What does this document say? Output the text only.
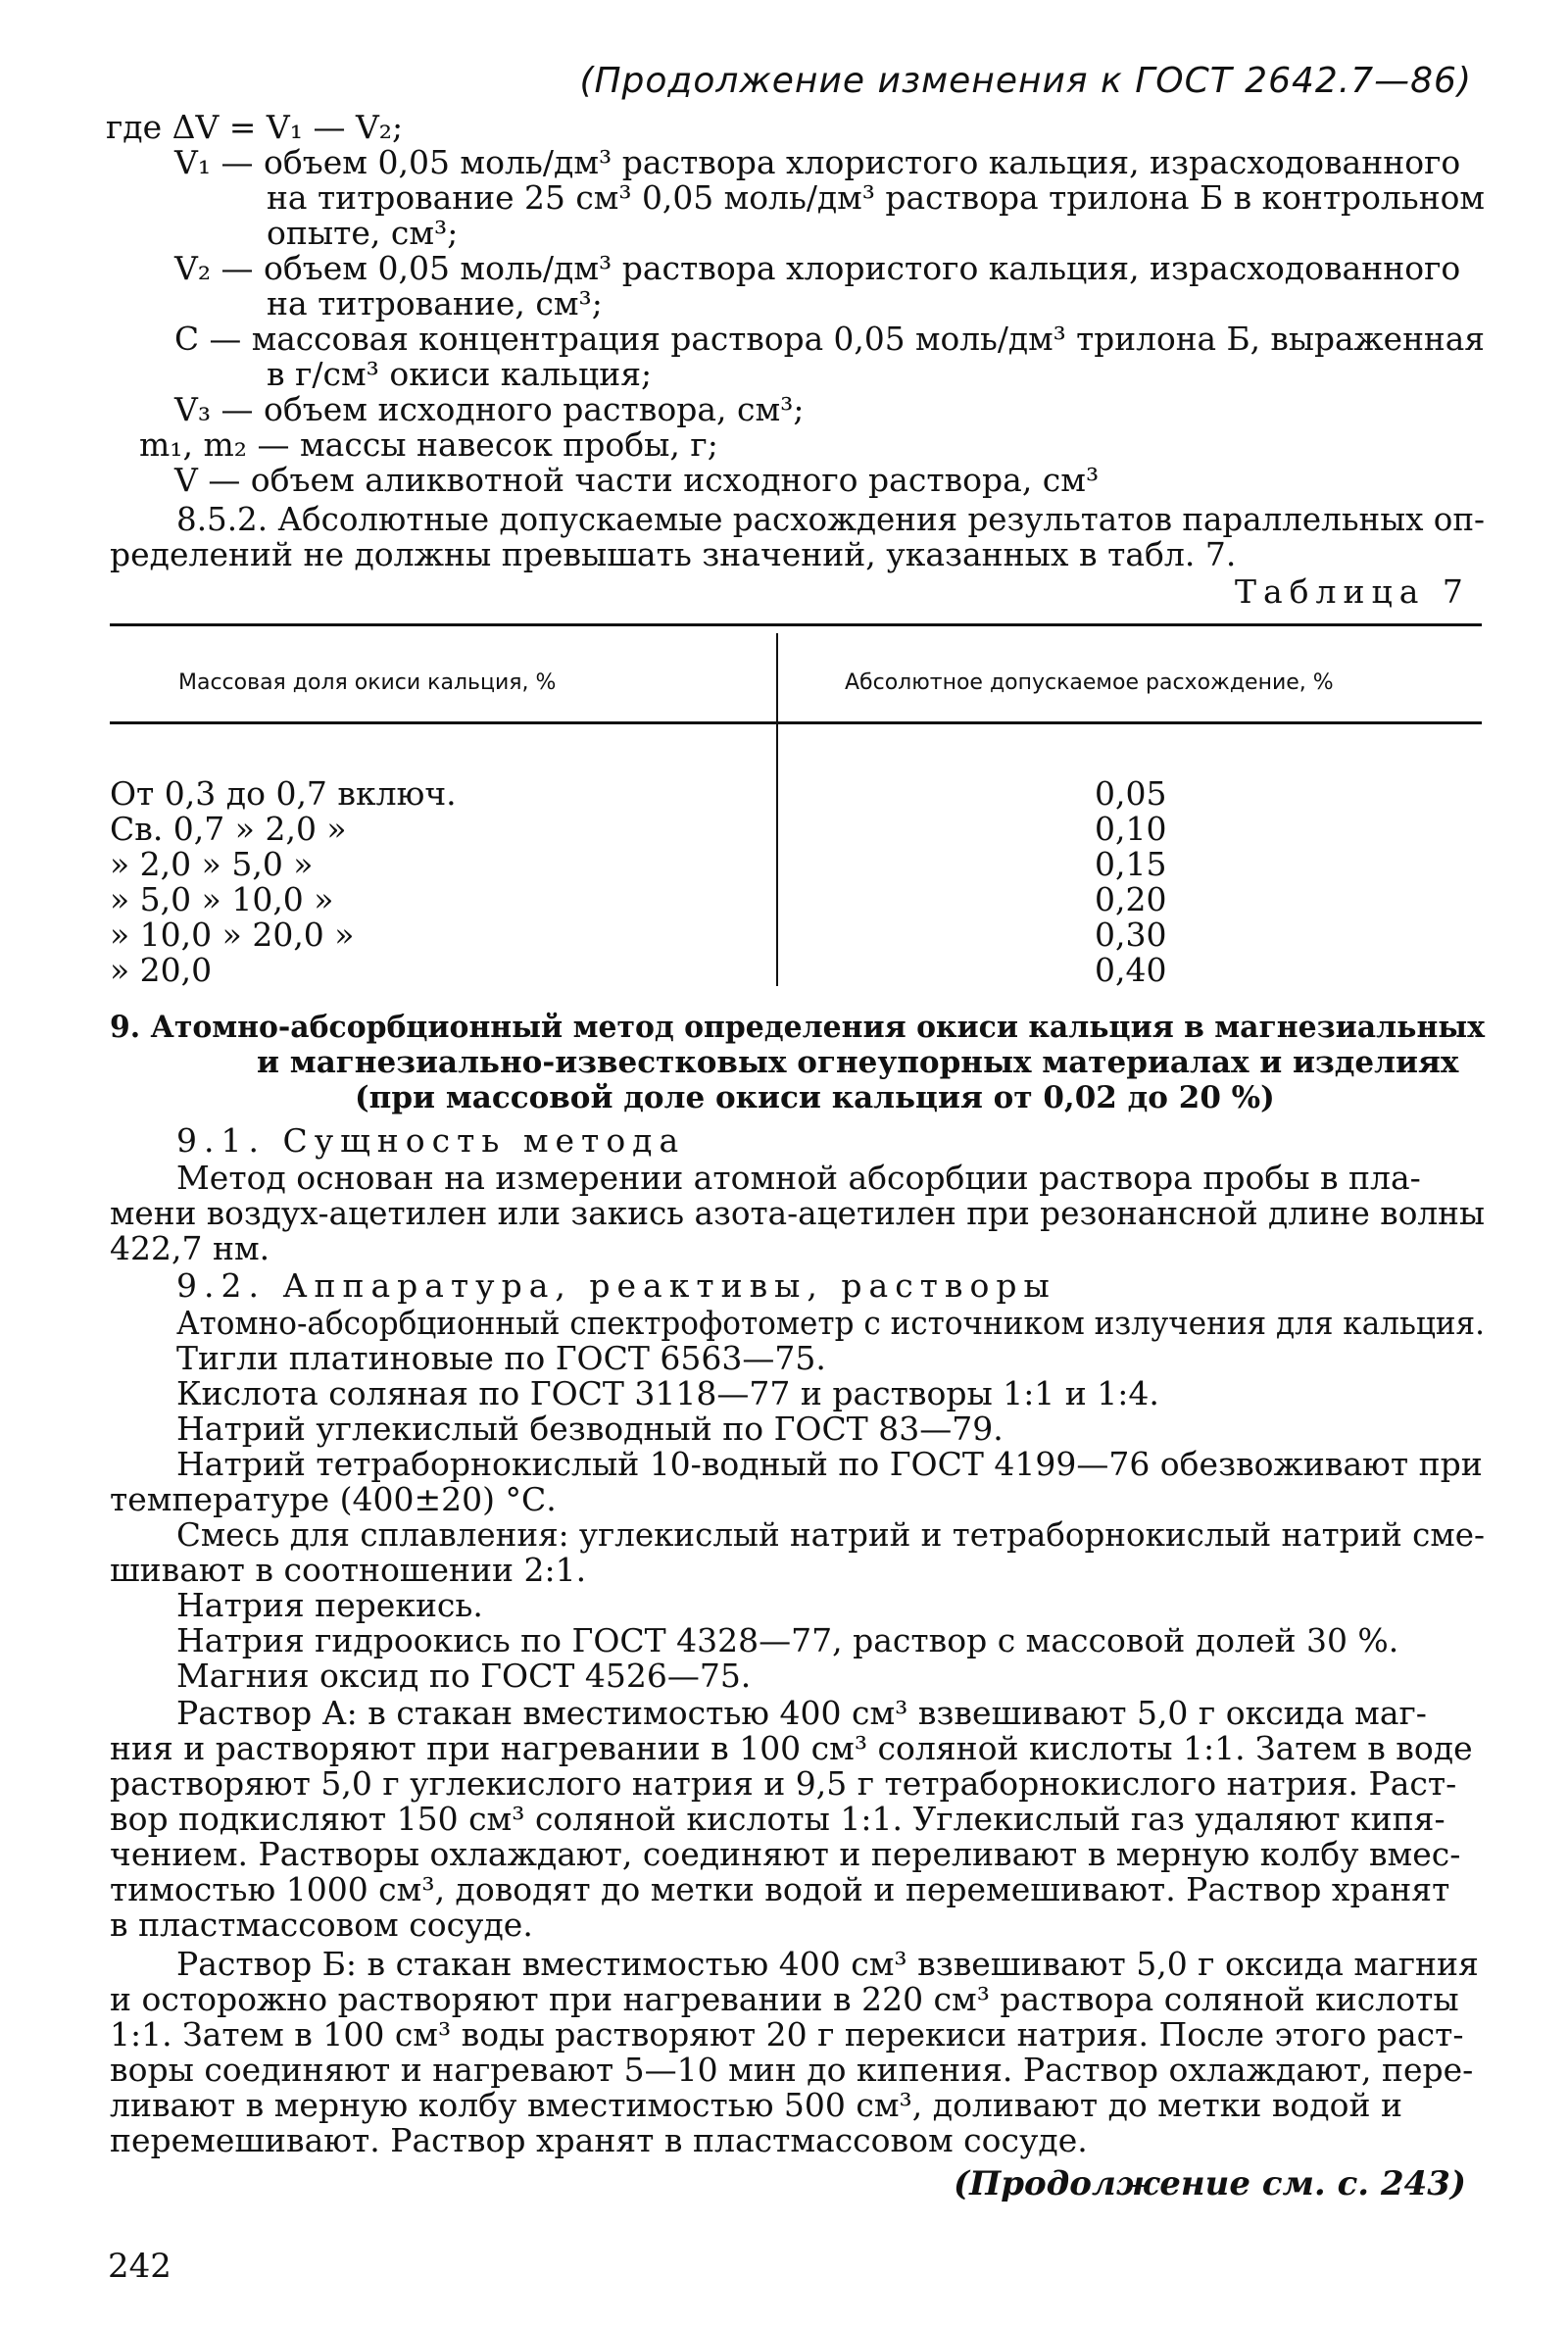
(Продолжение изменения к ГОСТ 2642.7—86)
где ΔV = V₁ — V₂;
V₁ — объем 0,05 моль/дм³ раствора хлористого кальция, израсходованного
на титрование 25 см³ 0,05 моль/дм³ раствора трилона Б в контрольном
опыте, см³;
V₂ — объем 0,05 моль/дм³ раствора хлористого кальция, израсходованного
на титрование, см³;
C — массовая концентрация раствора 0,05 моль/дм³ трилона Б, выраженная
в г/см³ окиси кальция;
V₃ — объем исходного раствора, см³;
m₁, m₂ — массы навесок пробы, г;
V — объем аликвотной части исходного раствора, см³
8.5.2. Абсолютные допускаемые расхождения результатов параллельных оп-
ределений не должны превышать значений, указанных в табл. 7.
Таблица 7
Массовая доля окиси кальция, %	Абсолютное допускаемое расхождение, %
От 0,3 до 0,7 включ.	0,05
Св. 0,7 » 2,0 »	0,10
» 2,0 » 5,0 »	0,15
» 5,0 » 10,0 »	0,20
» 10,0 » 20,0 »	0,30
» 20,0	0,40
9. Атомно-абсорбционный метод определения окиси кальция в магнезиальных
и магнезиально-известковых огнеупорных материалах и изделиях
(при массовой доле окиси кальция от 0,02 до 20 %)
9.1. Сущность метода
Метод основан на измерении атомной абсорбции раствора пробы в пла-
мени воздух-ацетилен или закись азота-ацетилен при резонансной длине волны
422,7 нм.
9.2. Аппаратура, реактивы, растворы
Атомно-абсорбционный спектрофотометр с источником излучения для кальция.
Тигли платиновые по ГОСТ 6563—75.
Кислота соляная по ГОСТ 3118—77 и растворы 1:1 и 1:4.
Натрий углекислый безводный по ГОСТ 83—79.
Натрий тетраборнокислый 10-водный по ГОСТ 4199—76 обезвоживают при
температуре (400±20) °С.
Смесь для сплавления: углекислый натрий и тетраборнокислый натрий сме-
шивают в соотношении 2:1.
Натрия перекись.
Натрия гидроокись по ГОСТ 4328—77, раствор с массовой долей 30 %.
Магния оксид по ГОСТ 4526—75.
Раствор А: в стакан вместимостью 400 см³ взвешивают 5,0 г оксида маг-
ния и растворяют при нагревании в 100 см³ соляной кислоты 1:1. Затем в воде
растворяют 5,0 г углекислого натрия и 9,5 г тетраборнокислого натрия. Раст-
вор подкисляют 150 см³ соляной кислоты 1:1. Углекислый газ удаляют кипя-
чением. Растворы охлаждают, соединяют и переливают в мерную колбу вмес-
тимостью 1000 см³, доводят до метки водой и перемешивают. Раствор хранят
в пластмассовом сосуде.
Раствор Б: в стакан вместимостью 400 см³ взвешивают 5,0 г оксида магния
и осторожно растворяют при нагревании в 220 см³ раствора соляной кислоты
1:1. Затем в 100 см³ воды растворяют 20 г перекиси натрия. После этого раст-
воры соединяют и нагревают 5—10 мин до кипения. Раствор охлаждают, пере-
ливают в мерную колбу вместимостью 500 см³, доливают до метки водой и
перемешивают. Раствор хранят в пластмассовом сосуде.
(Продолжение см. с. 243)
242
